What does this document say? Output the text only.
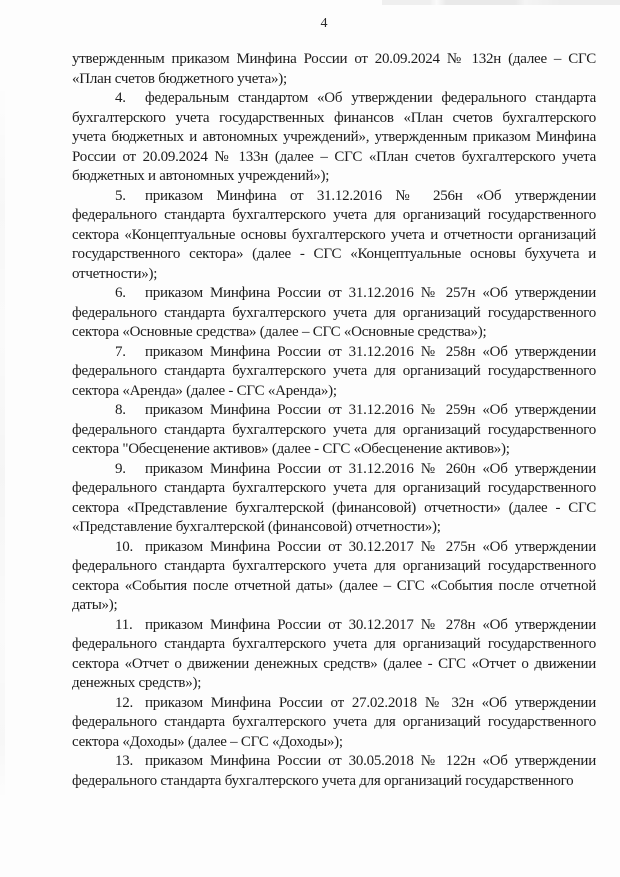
4
утвержденным приказом Минфина России от 20.09.2024 № 132н (далее – СГС
«План счетов бюджетного учета»);
4. федеральным стандартом «Об утверждении федерального стандарта
бухгалтерского учета государственных финансов «План счетов бухгалтерского
учета бюджетных и автономных учреждений», утвержденным приказом Минфина
России от 20.09.2024 № 133н (далее – СГС «План счетов бухгалтерского учета
бюджетных и автономных учреждений»);
5. приказом Минфина от 31.12.2016 № 256н «Об утверждении
федерального стандарта бухгалтерского учета для организаций государственного
сектора «Концептуальные основы бухгалтерского учета и отчетности организаций
государственного сектора» (далее - СГС «Концептуальные основы бухучета и
отчетности»);
6. приказом Минфина России от 31.12.2016 № 257н «Об утверждении
федерального стандарта бухгалтерского учета для организаций государственного
сектора «Основные средства» (далее – СГС «Основные средства»);
7. приказом Минфина России от 31.12.2016 № 258н «Об утверждении
федерального стандарта бухгалтерского учета для организаций государственного
сектора «Аренда» (далее - СГС «Аренда»);
8. приказом Минфина России от 31.12.2016 № 259н «Об утверждении
федерального стандарта бухгалтерского учета для организаций государственного
сектора "Обесценение активов» (далее - СГС «Обесценение активов»);
9. приказом Минфина России от 31.12.2016 № 260н «Об утверждении
федерального стандарта бухгалтерского учета для организаций государственного
сектора «Представление бухгалтерской (финансовой) отчетности» (далее - СГС
«Представление бухгалтерской (финансовой) отчетности»);
10. приказом Минфина России от 30.12.2017 № 275н «Об утверждении
федерального стандарта бухгалтерского учета для организаций государственного
сектора «События после отчетной даты» (далее – СГС «События после отчетной
даты»);
11. приказом Минфина России от 30.12.2017 № 278н «Об утверждении
федерального стандарта бухгалтерского учета для организаций государственного
сектора «Отчет о движении денежных средств» (далее - СГС «Отчет о движении
денежных средств»);
12. приказом Минфина России от 27.02.2018 № 32н «Об утверждении
федерального стандарта бухгалтерского учета для организаций государственного
сектора «Доходы» (далее – СГС «Доходы»);
13. приказом Минфина России от 30.05.2018 № 122н «Об утверждении
федерального стандарта бухгалтерского учета для организаций государственного
